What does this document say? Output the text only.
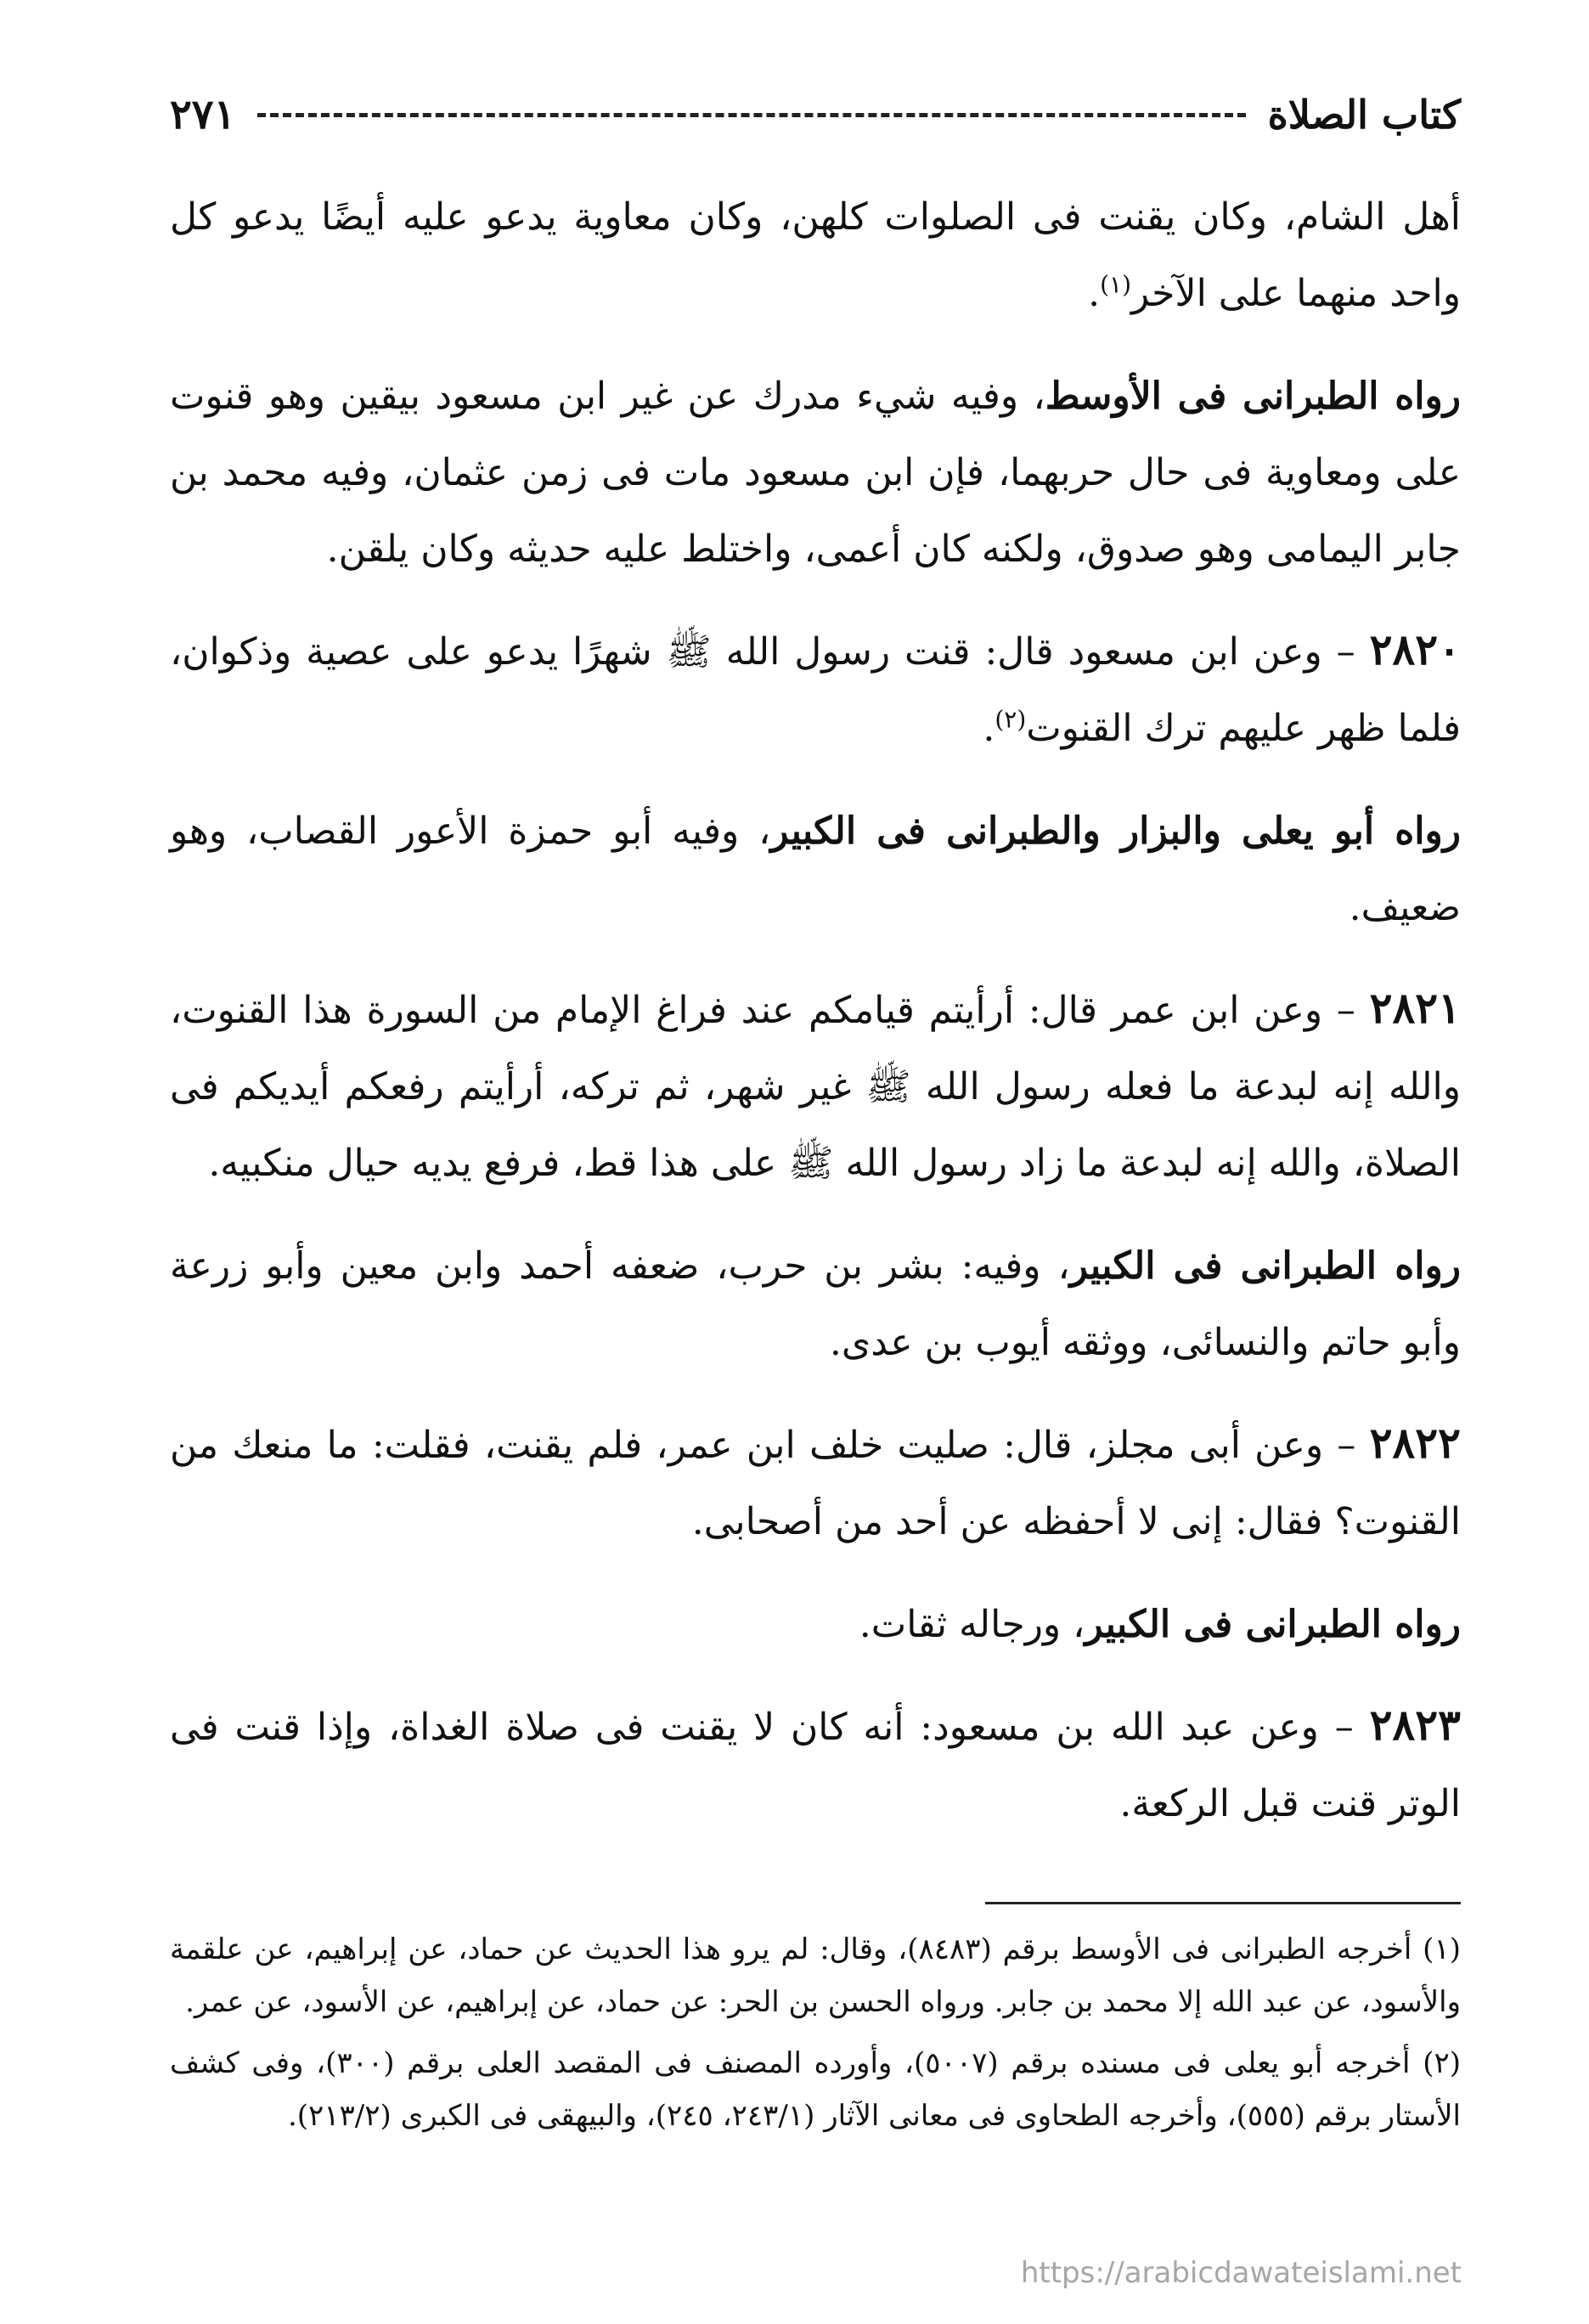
كتاب الصلاة
٢٧١

أهل الشام، وكان يقنت فى الصلوات كلهن، وكان معاوية يدعو عليه أيضًا يدعو كل واحد منهما على الآخر$^{(١)}$.

رواه الطبرانى فى الأوسط، وفيه شيء مدرك عن غير ابن مسعود بيقين وهو قنوت على ومعاوية فى حال حربهما، فإن ابن مسعود مات فى زمن عثمان، وفيه محمد بن جابر اليمامى وهو صدوق، ولكنه كان أعمى، واختلط عليه حديثه وكان يلقن.

٢٨٢٠ – وعن ابن مسعود قال: قنت رسول الله ﷺ شهرًا يدعو على عصية وذكوان، فلما ظهر عليهم ترك القنوت$^{(٢)}$.

رواه أبو يعلى والبزار والطبرانى فى الكبير، وفيه أبو حمزة الأعور القصاب، وهو ضعيف.

٢٨٢١ – وعن ابن عمر قال: أرأيتم قيامكم عند فراغ الإمام من السورة هذا القنوت، والله إنه لبدعة ما فعله رسول الله ﷺ غير شهر، ثم تركه، أرأيتم رفعكم أيديكم فى الصلاة، والله إنه لبدعة ما زاد رسول الله ﷺ على هذا قط، فرفع يديه حيال منكبيه.

رواه الطبرانى فى الكبير، وفيه: بشر بن حرب، ضعفه أحمد وابن معين وأبو زرعة وأبو حاتم والنسائى، ووثقه أيوب بن عدى.

٢٨٢٢ – وعن أبى مجلز، قال: صليت خلف ابن عمر، فلم يقنت، فقلت: ما منعك من القنوت؟ فقال: إنى لا أحفظه عن أحد من أصحابى.

رواه الطبرانى فى الكبير، ورجاله ثقات.

٢٨٢٣ – وعن عبد الله بن مسعود: أنه كان لا يقنت فى صلاة الغداة، وإذا قنت فى الوتر قنت قبل الركعة.

(١) أخرجه الطبرانى فى الأوسط برقم (٨٤٨٣)، وقال: لم يرو هذا الحديث عن حماد، عن إبراهيم، عن علقمة والأسود، عن عبد الله إلا محمد بن جابر. ورواه الحسن بن الحر: عن حماد، عن إبراهيم، عن الأسود، عن عمر.

(٢) أخرجه أبو يعلى فى مسنده برقم (٥٠٠٧)، وأورده المصنف فى المقصد العلى برقم (٣٠٠)، وفى كشف الأستار برقم (٥٥٥)، وأخرجه الطحاوى فى معانى الآثار (٢٤٣/١، ٢٤٥)، والبيهقى فى الكبرى (٢١٣/٢).

https://arabicdawateislami.net
